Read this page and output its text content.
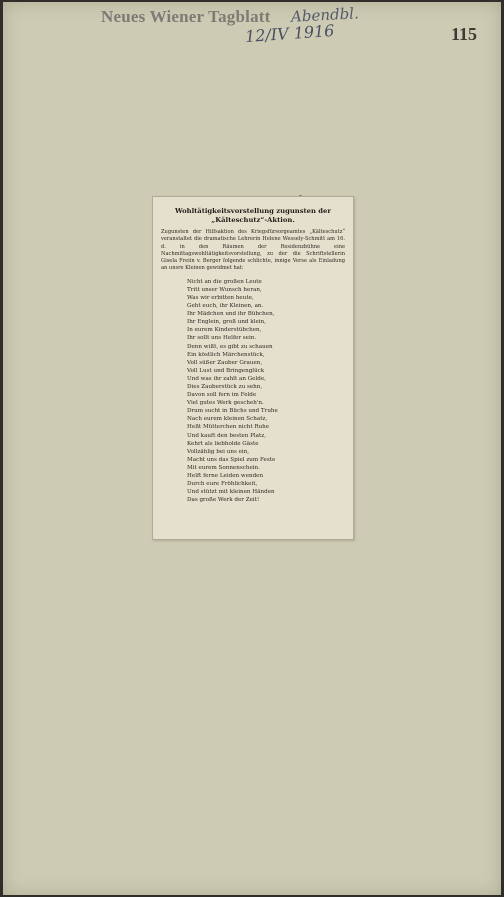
Neues Wiener Tagblatt Abendbl.
12/IV 1916	115
Wohltätigkeitsvorstellung zugunsten der „Kälteschutz“-Aktion.
Zugunsten der Hilfsaktion des Kriegsfürsorgeamtes „Kälteschutz“ veranstaltet die dramatische Lehrerin Helene Wessely-Schmitt am 16. d. in den Räumen der Residenzbühne eine Nachmittagswohltätigkeitsvorstellung, zu der die Schriftstellerin Gisela Freiin v. Berger folgende schlichte, innige Verse als Einladung an unsre Kleinen gewidmet hat:
Nicht an die großen Leute
Tritt unser Wunsch heran,
Was wir erbitten heute,
Geht euch, ihr Kleinen, an.
Ihr Mädchen und ihr Bübchen,
Ihr Englein, groß und klein,
In eurem Kinderstübchen,
Ihr sollt uns Helfer sein.
Denn wißt, es gibt zu schauen
Ein köstlich Märchenstück,
Voll süßer Zauber Grauen,
Voll Lust und Bringenglück
Und was ihr zahlt an Gelde,
Dies Zauberstück zu sehn,
Davon soll fern im Felde
Viel gutes Werk gescheh'n.
Drum sucht in Büchs und Truhe
Nach eurem kleinen Schatz,
Heßt Mütterchen nicht Ruhe
Und kauft den besten Platz,
Kehrt als liebholde Gäste
Vollzählig bei uns ein,
Macht uns das Spiel zum Feste
Mit eurem Sonnenschein.
Helft ferne Leiden wenden
Durch eure Fröhlichkeit,
Und stützt mit kleinen Händen
Das große Werk der Zeit!
